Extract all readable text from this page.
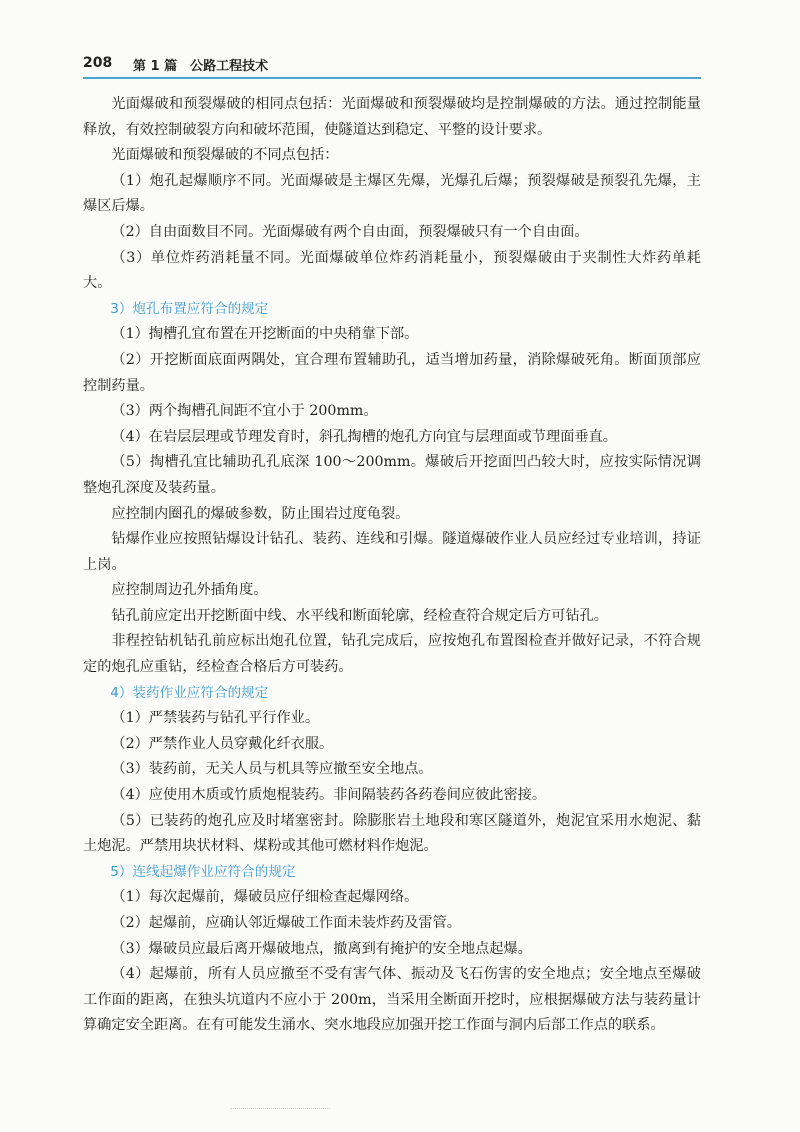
208 第 1 篇　公路工程技术

光面爆破和预裂爆破的相同点包括：光面爆破和预裂爆破均是控制爆破的方法。通过控制能量释放，有效控制破裂方向和破坏范围，使隧道达到稳定、平整的设计要求。

光面爆破和预裂爆破的不同点包括：

（1）炮孔起爆顺序不同。光面爆破是主爆区先爆，光爆孔后爆；预裂爆破是预裂孔先爆，主爆区后爆。

（2）自由面数目不同。光面爆破有两个自由面，预裂爆破只有一个自由面。

（3）单位炸药消耗量不同。光面爆破单位炸药消耗量小，预裂爆破由于夹制性大炸药单耗大。

3）炮孔布置应符合的规定

（1）掏槽孔宜布置在开挖断面的中央稍靠下部。

（2）开挖断面底面两隅处，宜合理布置辅助孔，适当增加药量，消除爆破死角。断面顶部应控制药量。

（3）两个掏槽孔间距不宜小于 200mm。

（4）在岩层层理或节理发育时，斜孔掏槽的炮孔方向宜与层理面或节理面垂直。

（5）掏槽孔宜比辅助孔孔底深 100～200mm。爆破后开挖面凹凸较大时，应按实际情况调整炮孔深度及装药量。

应控制内圈孔的爆破参数，防止围岩过度龟裂。

钻爆作业应按照钻爆设计钻孔、装药、连线和引爆。隧道爆破作业人员应经过专业培训，持证上岗。

应控制周边孔外插角度。

钻孔前应定出开挖断面中线、水平线和断面轮廓，经检查符合规定后方可钻孔。

非程控钻机钻孔前应标出炮孔位置，钻孔完成后，应按炮孔布置图检查并做好记录，不符合规定的炮孔应重钻，经检查合格后方可装药。

4）装药作业应符合的规定

（1）严禁装药与钻孔平行作业。

（2）严禁作业人员穿戴化纤衣服。

（3）装药前，无关人员与机具等应撤至安全地点。

（4）应使用木质或竹质炮棍装药。非间隔装药各药卷间应彼此密接。

（5）已装药的炮孔应及时堵塞密封。除膨胀岩土地段和寒区隧道外，炮泥宜采用水炮泥、黏土炮泥。严禁用块状材料、煤粉或其他可燃材料作炮泥。

5）连线起爆作业应符合的规定

（1）每次起爆前，爆破员应仔细检查起爆网络。

（2）起爆前，应确认邻近爆破工作面未装炸药及雷管。

（3）爆破员应最后离开爆破地点，撤离到有掩护的安全地点起爆。

（4）起爆前，所有人员应撤至不受有害气体、振动及飞石伤害的安全地点；安全地点至爆破工作面的距离，在独头坑道内不应小于 200m，当采用全断面开挖时，应根据爆破方法与装药量计算确定安全距离。在有可能发生涌水、突水地段应加强开挖工作面与洞内后部工作点的联系。
